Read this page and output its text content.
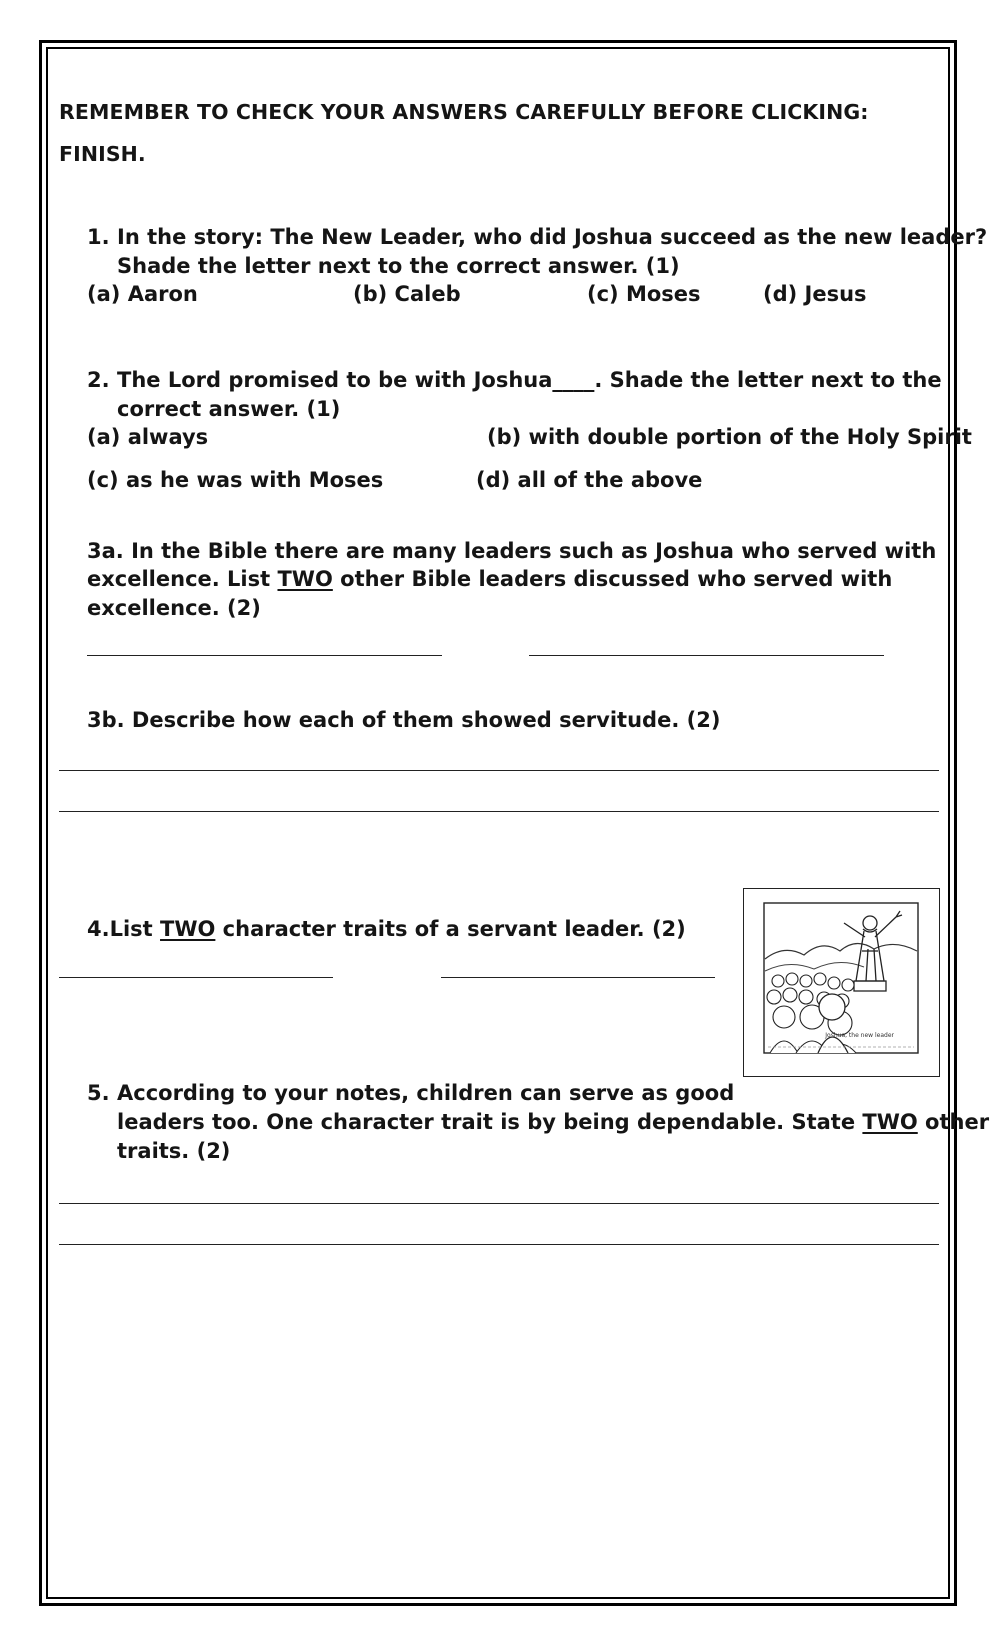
REMEMBER TO CHECK YOUR ANSWERS CAREFULLY BEFORE CLICKING:
FINISH.
1. In the story: The New Leader, who did Joshua succeed as the new leader?
Shade the letter next to the correct answer. (1)
(a) Aaron	(b) Caleb	(c) Moses	(d) Jesus
2. The Lord promised to be with Joshua____. Shade the letter next to the
correct answer. (1)
(a) always	(b) with double portion of the Holy Spirit
(c) as he was with Moses	(d) all of the above
3a. In the Bible there are many leaders such as Joshua who served with
excellence. List TWO other Bible leaders discussed who served with
excellence. (2)
3b. Describe how each of them showed servitude. (2)
4.List TWO character traits of a servant leader. (2)
Joshua, the new leader
5. According to your notes, children can serve as good
leaders too. One character trait is by being dependable. State TWO other
traits. (2)
